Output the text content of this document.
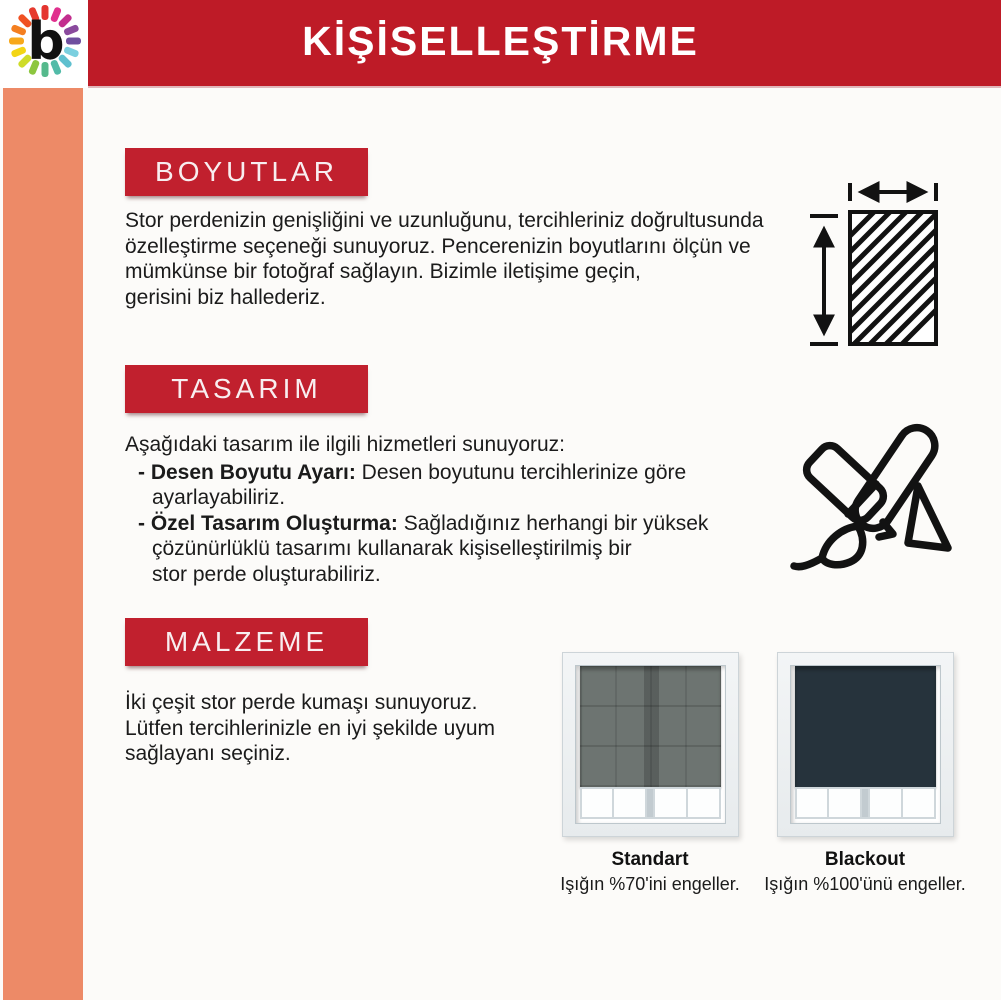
KİŞİSELLEŞTİRME
b
BOYUTLAR
Stor perdenizin genişliğini ve uzunluğunu, tercihleriniz doğrultusunda
özelleştirme seçeneği sunuyoruz. Pencerenizin boyutlarını ölçün ve
mümkünse bir fotoğraf sağlayın. Bizimle iletişime geçin,
gerisini biz hallederiz.
TASARIM
Aşağıdaki tasarım ile ilgili hizmetleri sunuyoruz:
- Desen Boyutu Ayarı: Desen boyutunu tercihlerinize göre
ayarlayabiliriz.
- Özel Tasarım Oluşturma: Sağladığınız herhangi bir yüksek
çözünürlüklü tasarımı kullanarak kişiselleştirilmiş bir
stor perde oluşturabiliriz.
MALZEME
İki çeşit stor perde kumaşı sunuyoruz.
Lütfen tercihlerinizle en iyi şekilde uyum
sağlayanı seçiniz.
Standart
Işığın %70'ini engeller.
Blackout
Işığın %100'ünü engeller.
